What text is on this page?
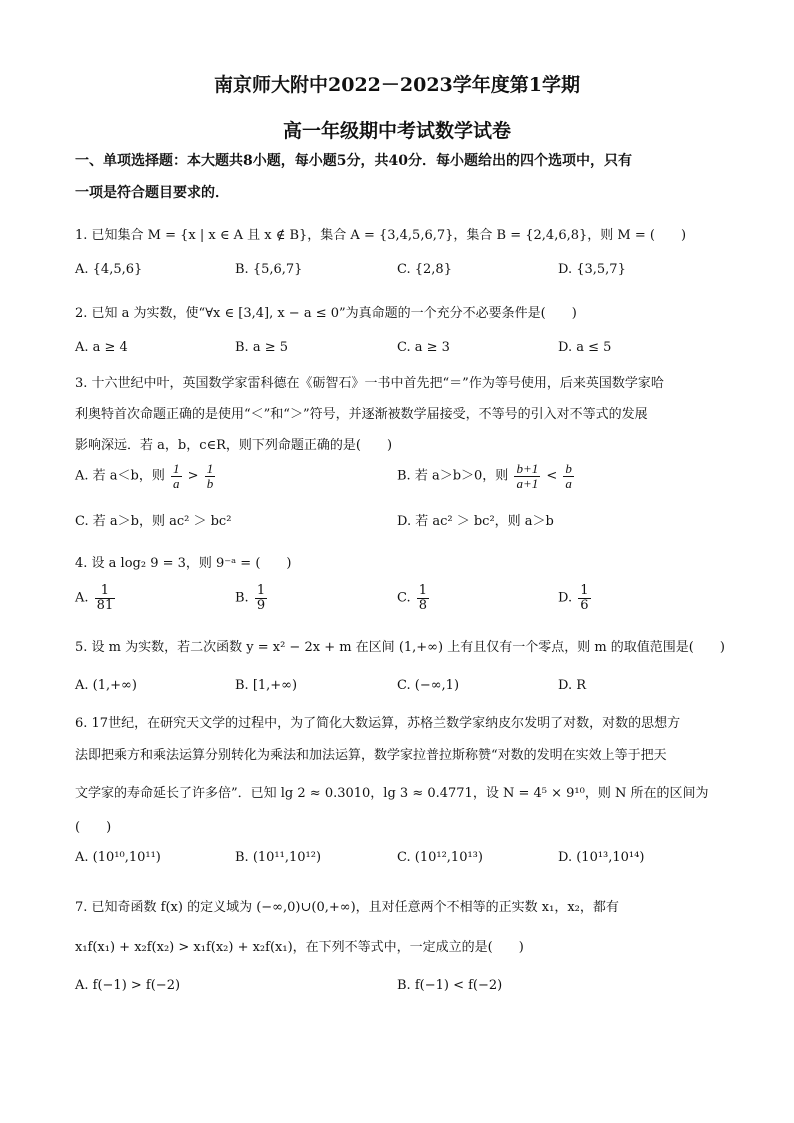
南京师大附中2022－2023学年度第1学期
高一年级期中考试数学试卷
一、单项选择题：本大题共8小题，每小题5分，共40分．每小题给出的四个选项中，只有
一项是符合题目要求的．
1. 已知集合 M = {x | x ∈ A 且 x ∉ B}，集合 A = {3,4,5,6,7}，集合 B = {2,4,6,8}，则 M = (　　)
A. {4,5,6}	B. {5,6,7}	C. {2,8}	D. {3,5,7}
2. 已知 a 为实数，使“∀x ∈ [3,4], x − a ≤ 0”为真命题的一个充分不必要条件是(　　)
A. a ≥ 4	B. a ≥ 5	C. a ≥ 3	D. a ≤ 5
3. 十六世纪中叶，英国数学家雷科德在《砺智石》一书中首先把“＝”作为等号使用，后来英国数学家哈
利奥特首次命题正确的是使用“＜”和“＞”符号，并逐渐被数学届接受，不等号的引入对不等式的发展
影响深远．若 a，b，c∈R，则下列命题正确的是(　　)
A. 若 a＜b，则 $\frac{1}{a} > \frac{1}{b}$	B. 若 a＞b＞0，则 $\frac{b+1}{a+1} < \frac{b}{a}$
C. 若 a＞b，则 ac² ＞ bc²	D. 若 ac² ＞ bc²，则 a＞b
4. 设 a log₂ 9 = 3，则 9⁻ᵃ = (　　)
A. $\frac{1}{81}$	B. $\frac{1}{9}$	C. $\frac{1}{8}$	D. $\frac{1}{6}$
5. 设 m 为实数，若二次函数 y = x² − 2x + m 在区间 (1,+∞) 上有且仅有一个零点，则 m 的取值范围是(　　)
A. (1,+∞)	B. [1,+∞)	C. (−∞,1)	D. R
6. 17世纪，在研究天文学的过程中，为了简化大数运算，苏格兰数学家纳皮尔发明了对数，对数的思想方
法即把乘方和乘法运算分别转化为乘法和加法运算，数学家拉普拉斯称赞“对数的发明在实效上等于把天
文学家的寿命延长了许多倍”．已知 lg 2 ≈ 0.3010，lg 3 ≈ 0.4771，设 N = 4⁵ × 9¹⁰，则 N 所在的区间为
(　　)
A. (10¹⁰,10¹¹)	B. (10¹¹,10¹²)	C. (10¹²,10¹³)	D. (10¹³,10¹⁴)
7. 已知奇函数 f(x) 的定义域为 (−∞,0)∪(0,+∞)，且对任意两个不相等的正实数 x₁，x₂，都有
x₁f(x₁) + x₂f(x₂) > x₁f(x₂) + x₂f(x₁)，在下列不等式中，一定成立的是(　　)
A. f(−1) > f(−2)	B. f(−1) < f(−2)
